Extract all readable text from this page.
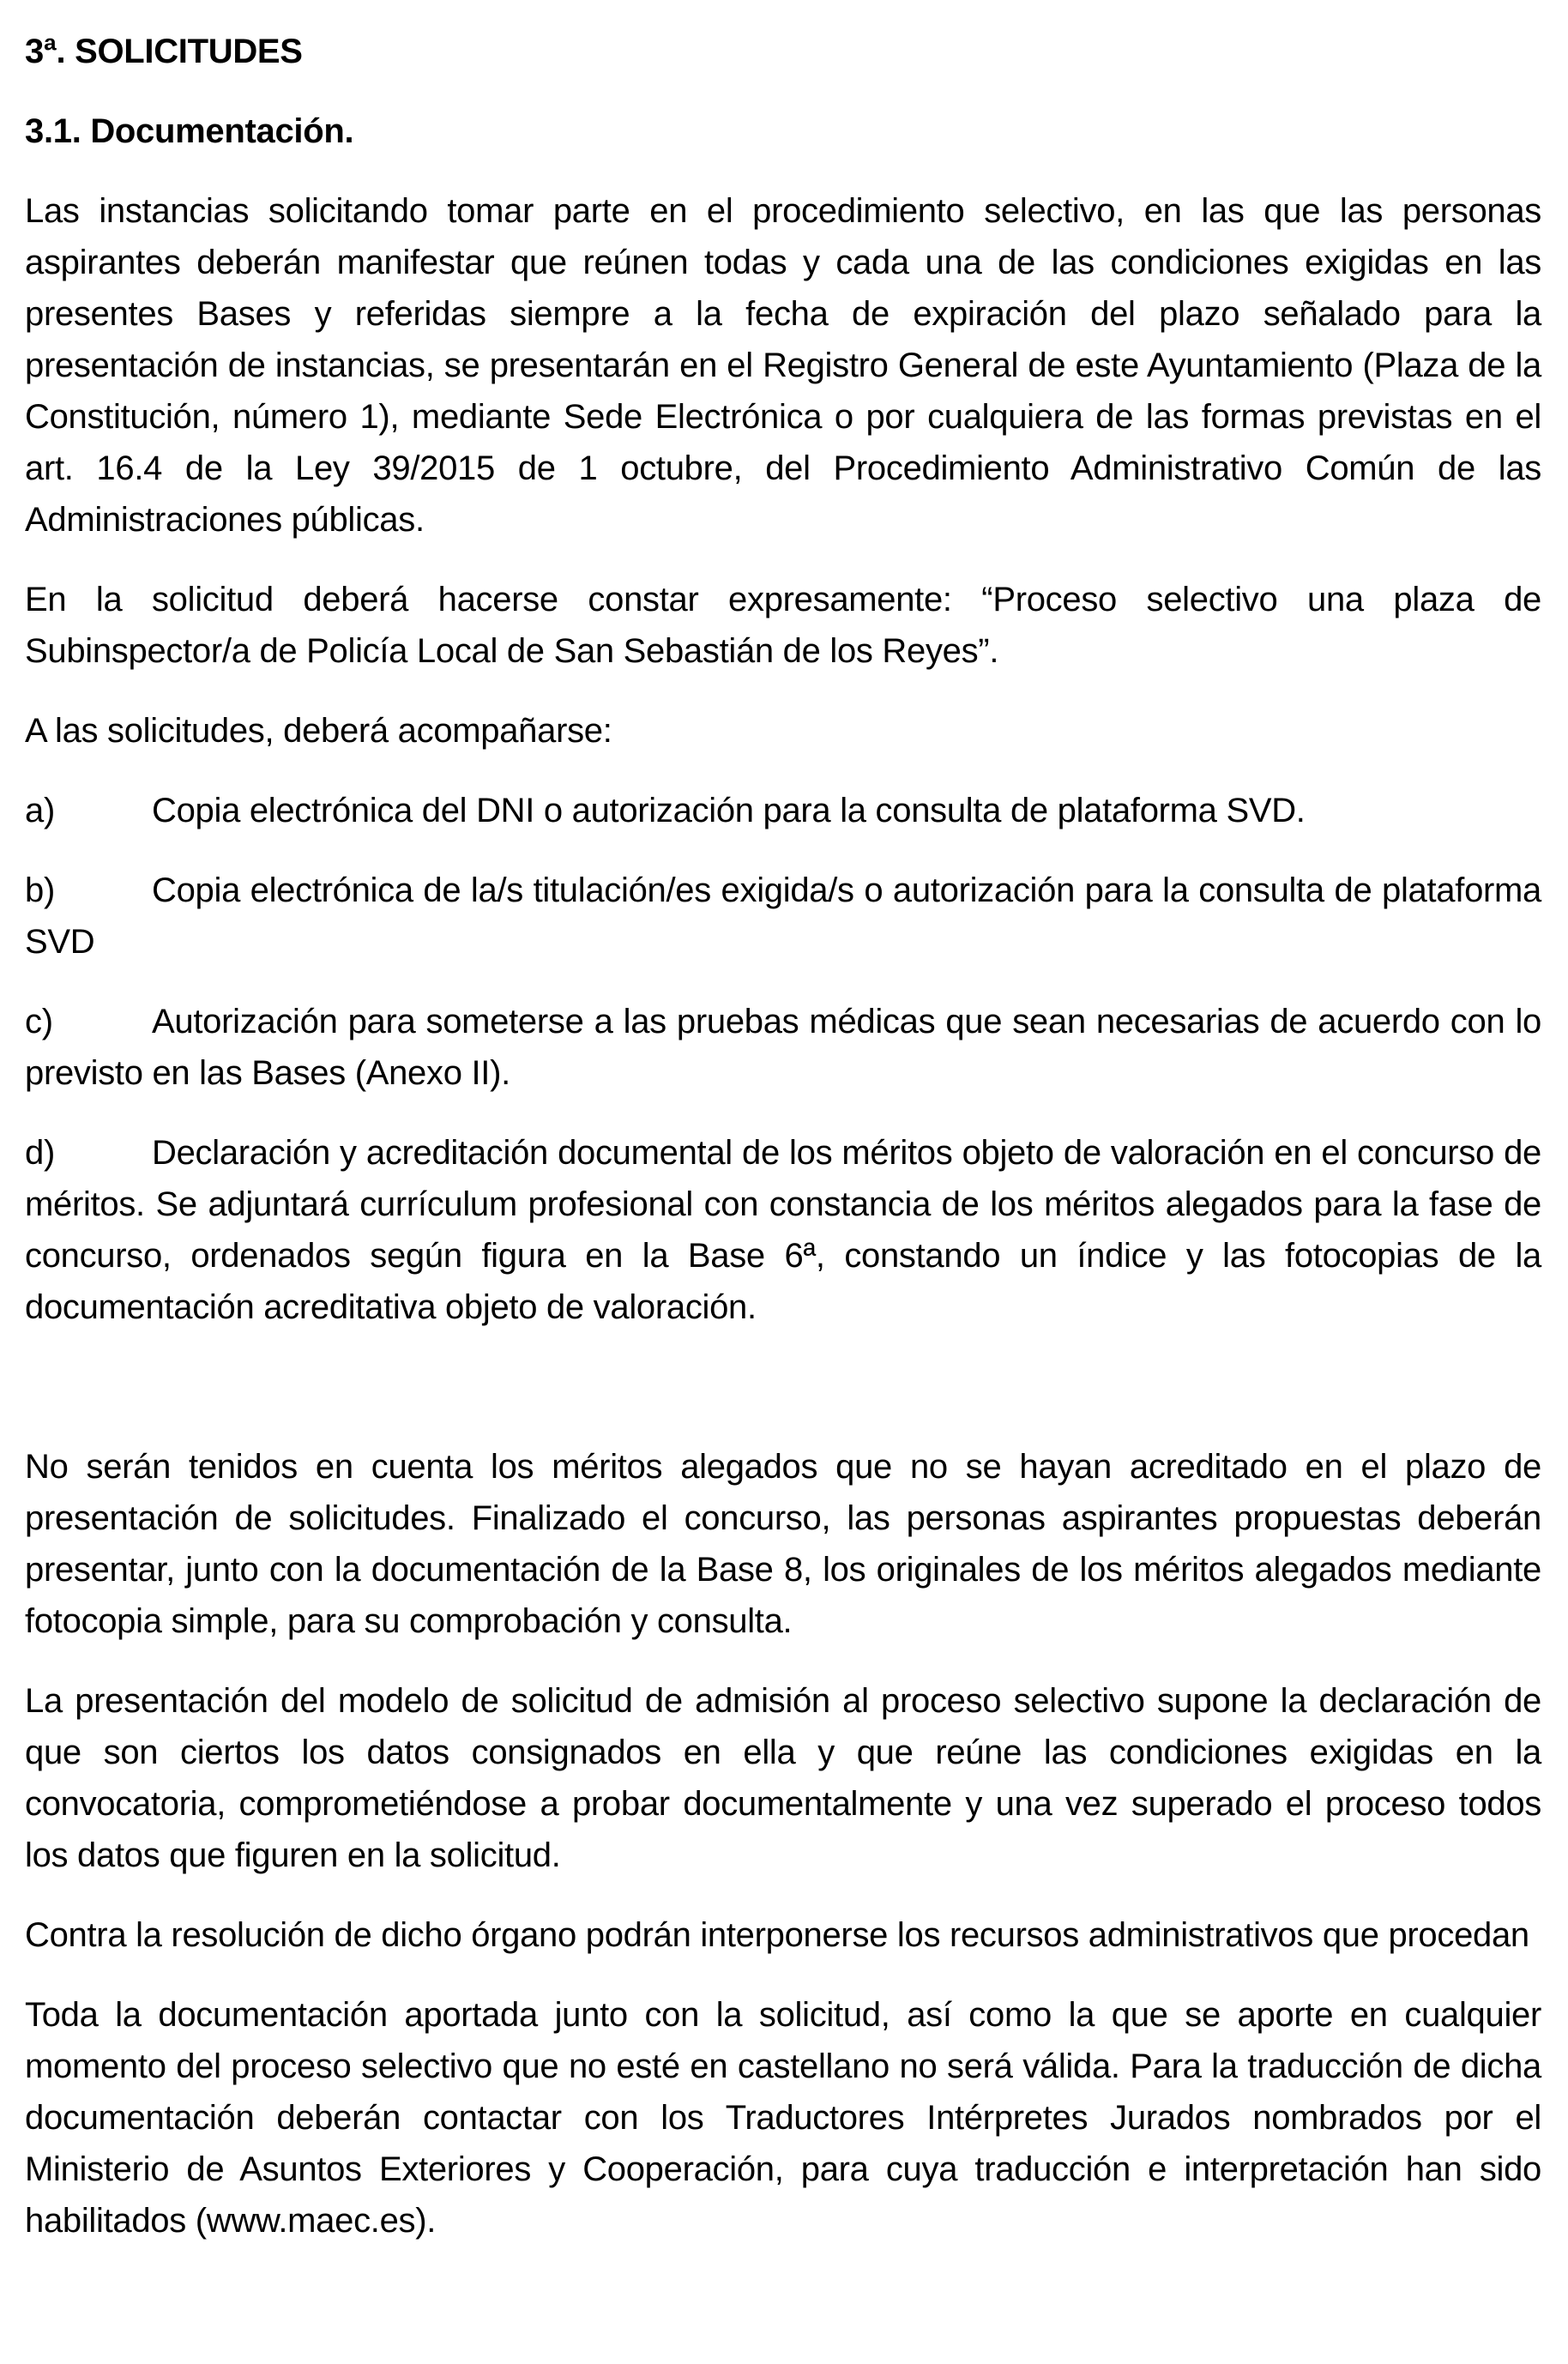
3ª. SOLICITUDES
3.1. Documentación.

Las instancias solicitando tomar parte en el procedimiento selectivo, en las que las personas aspirantes deberán manifestar que reúnen todas y cada una de las condiciones exigidas en las presentes Bases y referidas siempre a la fecha de expiración del plazo señalado para la presentación de instancias, se presentarán en el Registro General de este Ayuntamiento (Plaza de la Constitución, número 1), mediante Sede Electrónica o por cualquiera de las formas previstas en el art. 16.4 de la Ley 39/2015 de 1 octubre, del Procedimiento Administrativo Común de las Administraciones públicas.

En la solicitud deberá hacerse constar expresamente: “Proceso selectivo una plaza de Subinspector/a de Policía Local de San Sebastián de los Reyes”.

A las solicitudes, deberá acompañarse:

a)	Copia electrónica del DNI o autorización para la consulta de plataforma SVD.

b)	Copia electrónica de la/s titulación/es exigida/s o autorización para la consulta de plataforma SVD

c)	Autorización para someterse a las pruebas médicas que sean necesarias de acuerdo con lo previsto en las Bases (Anexo II).

d)	Declaración y acreditación documental de los méritos objeto de valoración en el concurso de méritos. Se adjuntará currículum profesional con constancia de los méritos alegados para la fase de concurso, ordenados según figura en la Base 6ª, constando un índice y las fotocopias de la documentación acreditativa objeto de valoración.

No serán tenidos en cuenta los méritos alegados que no se hayan acreditado en el plazo de presentación de solicitudes. Finalizado el concurso, las personas aspirantes propuestas deberán presentar, junto con la documentación de la Base 8, los originales de los méritos alegados mediante fotocopia simple, para su comprobación y consulta.

La presentación del modelo de solicitud de admisión al proceso selectivo supone la declaración de que son ciertos los datos consignados en ella y que reúne las condiciones exigidas en la convocatoria, comprometiéndose a probar documentalmente y una vez superado el proceso todos los datos que figuren en la solicitud.

Contra la resolución de dicho órgano podrán interponerse los recursos administrativos que procedan

Toda la documentación aportada junto con la solicitud, así como la que se aporte en cualquier momento del proceso selectivo que no esté en castellano no será válida. Para la traducción de dicha documentación deberán contactar con los Traductores Intérpretes Jurados nombrados por el Ministerio de Asuntos Exteriores y Cooperación, para cuya traducción e interpretación han sido habilitados (www.maec.es).
